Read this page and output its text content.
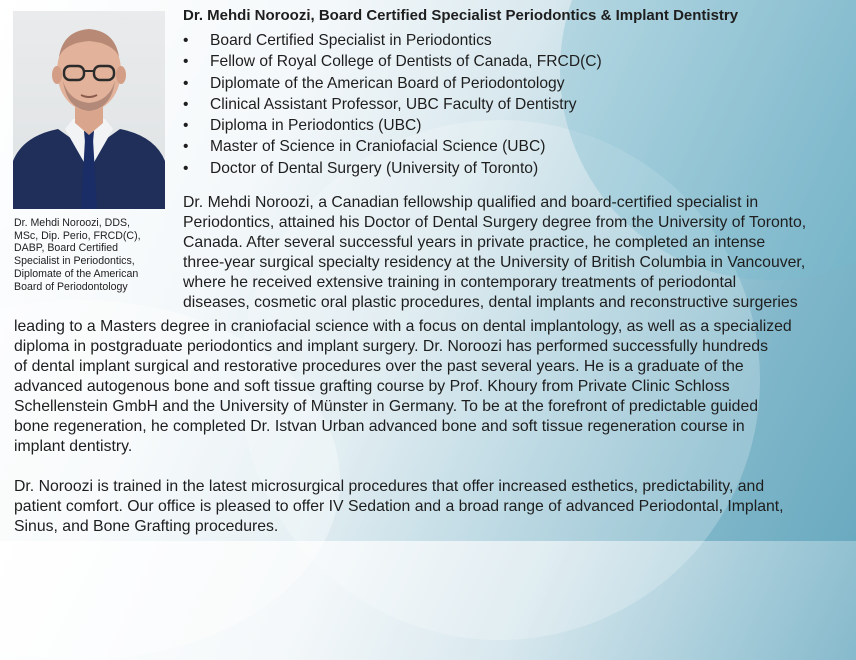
Dr. Mehdi Noroozi, DDS,
MSc, Dip. Perio, FRCD(C),
DABP, Board Certified
Specialist in Periodontics,
Diplomate of the American
Board of Periodontology
Dr. Mehdi Noroozi, Board Certified Specialist Periodontics & Implant Dentistry
• Board Certified Specialist in Periodontics
• Fellow of Royal College of Dentists of Canada, FRCD(C)
• Diplomate of the American Board of Periodontology
• Clinical Assistant Professor, UBC Faculty of Dentistry
• Diploma in Periodontics (UBC)
• Master of Science in Craniofacial Science (UBC)
• Doctor of Dental Surgery (University of Toronto)
Dr. Mehdi Noroozi, a Canadian fellowship qualified and board-certified specialist in
Periodontics, attained his Doctor of Dental Surgery degree from the University of Toronto,
Canada. After several successful years in private practice, he completed an intense
three-year surgical specialty residency at the University of British Columbia in Vancouver,
where he received extensive training in contemporary treatments of periodontal
diseases, cosmetic oral plastic procedures, dental implants and reconstructive surgeries
leading to a Masters degree in craniofacial science with a focus on dental implantology, as well as a specialized
diploma in postgraduate periodontics and implant surgery. Dr. Noroozi has performed successfully hundreds
of dental implant surgical and restorative procedures over the past several years. He is a graduate of the
advanced autogenous bone and soft tissue grafting course by Prof. Khoury from Private Clinic Schloss
Schellenstein GmbH and the University of Münster in Germany. To be at the forefront of predictable guided
bone regeneration, he completed Dr. Istvan Urban advanced bone and soft tissue regeneration course in
implant dentistry.
Dr. Noroozi is trained in the latest microsurgical procedures that offer increased esthetics, predictability, and
patient comfort. Our office is pleased to offer IV Sedation and a broad range of advanced Periodontal, Implant,
Sinus, and Bone Grafting procedures.
